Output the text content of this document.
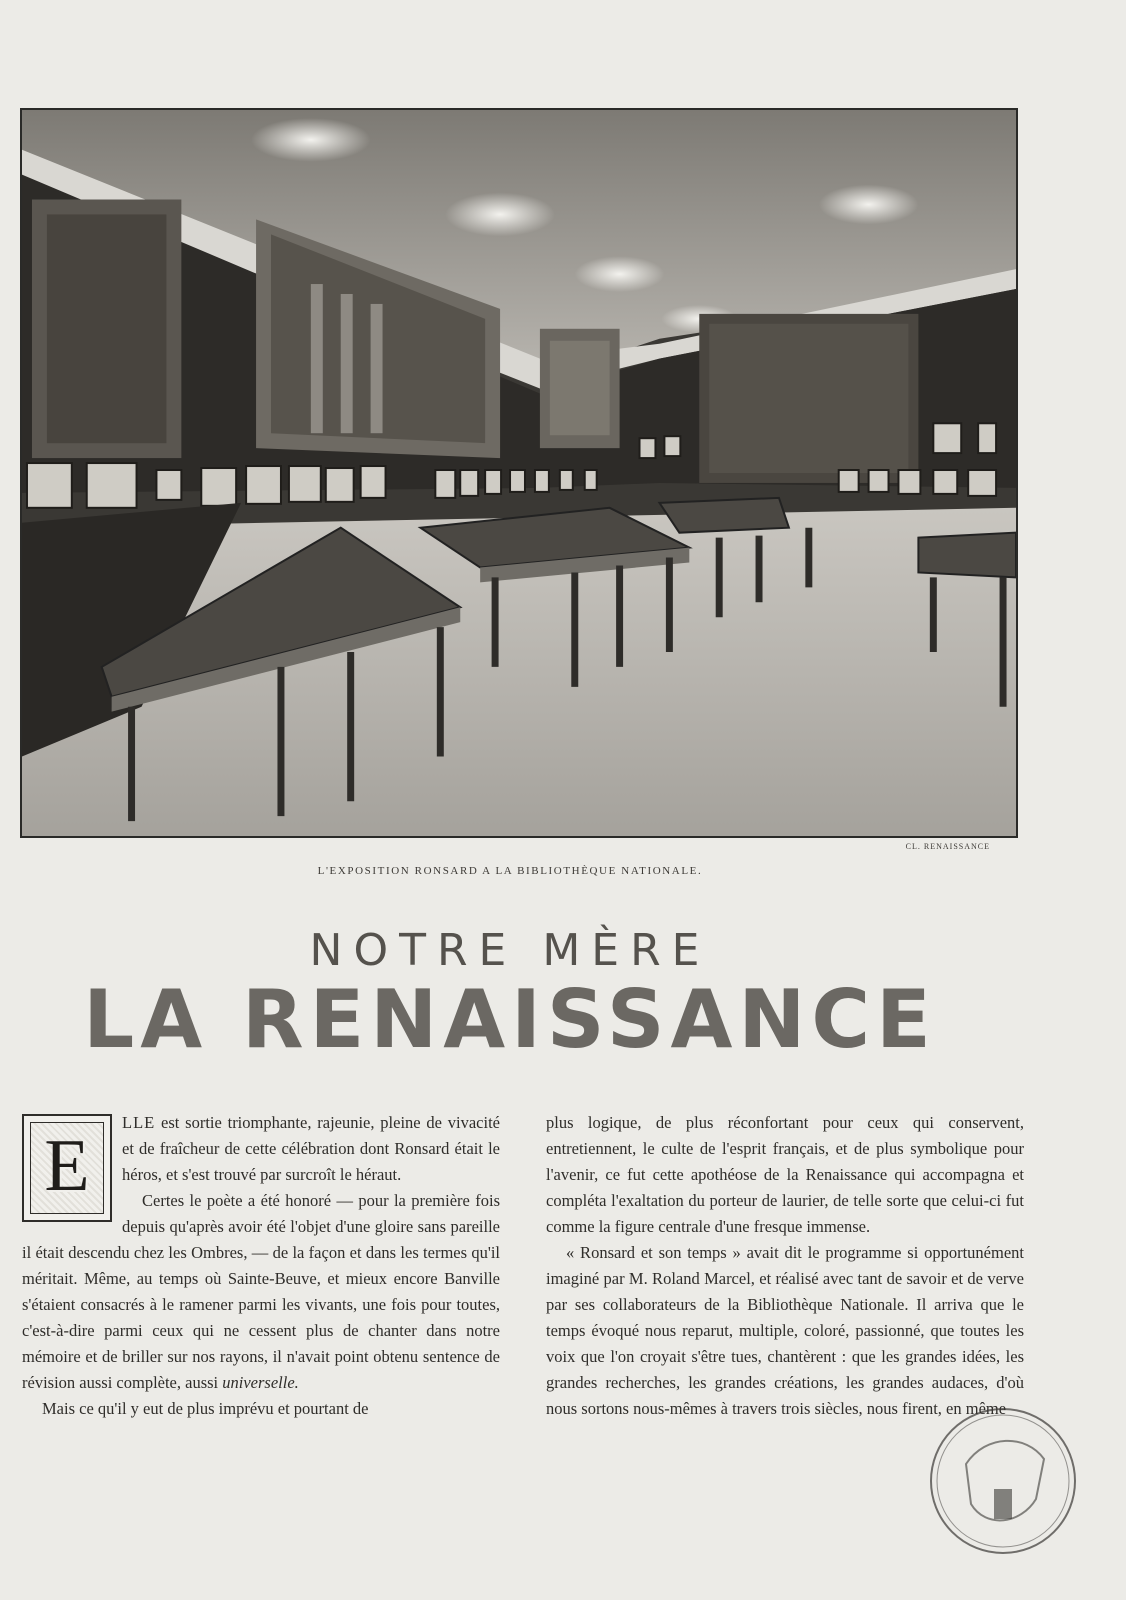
CL. RENAISSANCE
L'EXPOSITION RONSARD A LA BIBLIOTHÈQUE NATIONALE.
NOTRE MÈRE
LA RENAISSANCE

E
LLE est sortie triomphante, rajeunie, pleine de vivacité et de fraîcheur de cette célébration dont Ronsard était le héros, et s'est trouvé par surcroît le héraut.

Certes le poète a été honoré — pour la première fois depuis qu'après avoir été l'objet d'une gloire sans pareille il était descendu chez les Ombres, — de la façon et dans les termes qu'il méritait. Même, au temps où Sainte-Beuve, et mieux encore Banville s'étaient consacrés à le ramener parmi les vivants, une fois pour toutes, c'est-à-dire parmi ceux qui ne cessent plus de chanter dans notre mémoire et de briller sur nos rayons, il n'avait point obtenu sentence de révision aussi complète, aussi universelle.

Mais ce qu'il y eut de plus imprévu et pourtant de

plus logique, de plus réconfortant pour ceux qui conservent, entretiennent, le culte de l'esprit français, et de plus symbolique pour l'avenir, ce fut cette apothéose de la Renaissance qui accompagna et compléta l'exaltation du porteur de laurier, de telle sorte que celui-ci fut comme la figure centrale d'une fresque immense.

« Ronsard et son temps » avait dit le programme si opportunément imaginé par M. Roland Marcel, et réalisé avec tant de savoir et de verve par ses collaborateurs de la Bibliothèque Nationale. Il arriva que le temps évoqué nous reparut, multiple, coloré, passionné, que toutes les voix que l'on croyait s'être tues, chantèrent : que les grandes idées, les grandes recherches, les grandes créations, les grandes audaces, d'où nous sortons nous-mêmes à travers trois siècles, nous firent, en même
